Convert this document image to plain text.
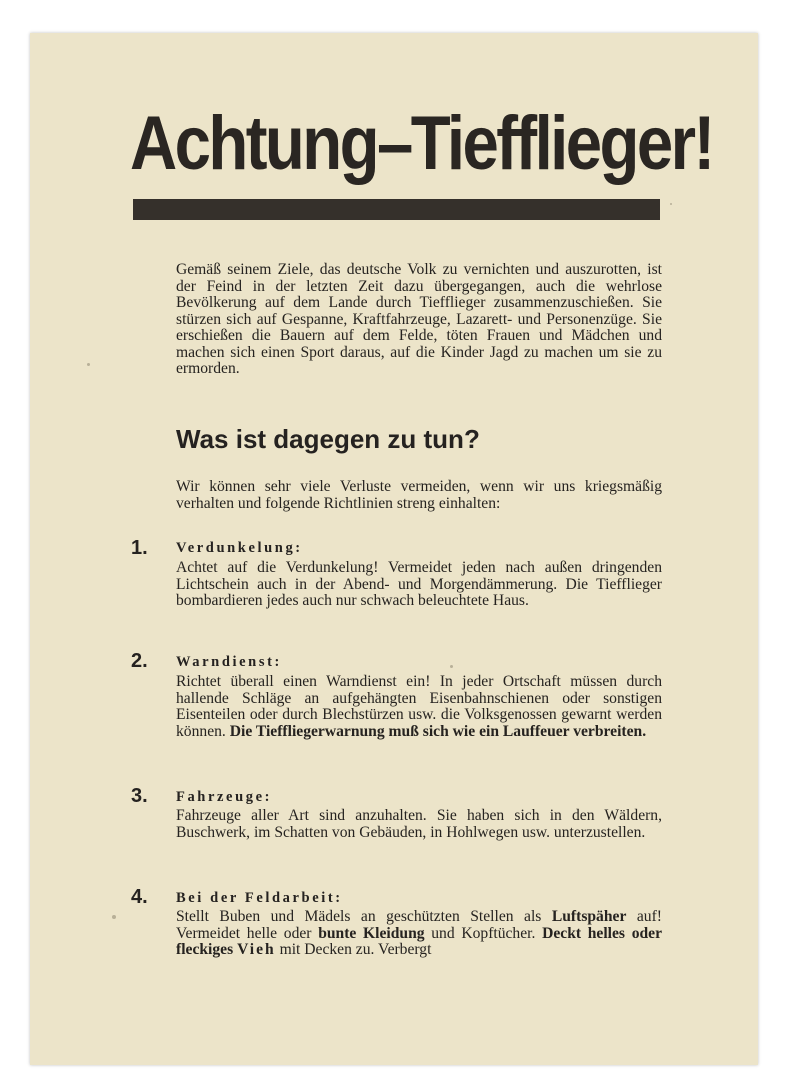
Achtung–Tiefflieger!

Gemäß seinem Ziele, das deutsche Volk zu vernichten und auszurotten, ist der Feind in der letzten Zeit dazu übergegangen, auch die wehrlose Bevölkerung auf dem Lande durch Tiefflieger zusammenzuschießen. Sie stürzen sich auf Gespanne, Kraftfahrzeuge, Lazarett- und Personenzüge. Sie erschießen die Bauern auf dem Felde, töten Frauen und Mädchen und machen sich einen Sport daraus, auf die Kinder Jagd zu machen um sie zu ermorden.

Was ist dagegen zu tun?

Wir können sehr viele Verluste vermeiden, wenn wir uns kriegsmäßig verhalten und folgende Richtlinien streng einhalten:

1. Verdunkelung:

Achtet auf die Verdunkelung! Vermeidet jeden nach außen dringenden Lichtschein auch in der Abend- und Morgendämmerung. Die Tiefflieger bombardieren jedes auch nur schwach beleuchtete Haus.

2. Warndienst:

Richtet überall einen Warndienst ein! In jeder Ortschaft müssen durch hallende Schläge an aufgehängten Eisenbahnschienen oder sonstigen Eisenteilen oder durch Blechstürzen usw. die Volksgenossen gewarnt werden können. Die Tieffliegerwarnung muß sich wie ein Lauffeuer verbreiten.

3. Fahrzeuge:

Fahrzeuge aller Art sind anzuhalten. Sie haben sich in den Wäldern, Buschwerk, im Schatten von Gebäuden, in Hohlwegen usw. unterzustellen.

4. Bei der Feldarbeit:

Stellt Buben und Mädels an geschützten Stellen als Luftspäher auf! Vermeidet helle oder bunte Kleidung und Kopftücher. Deckt helles oder fleckiges Vieh mit Decken zu. Verbergt
